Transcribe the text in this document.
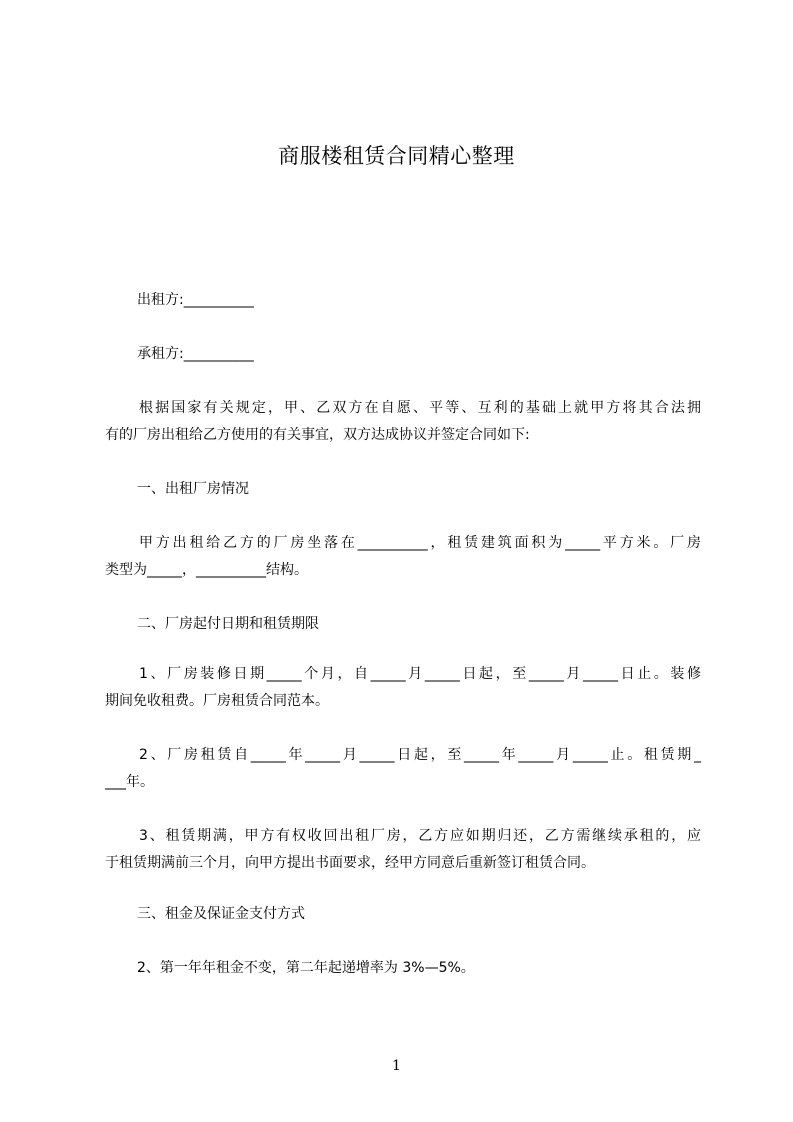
商服楼租赁合同精心整理
出租方:__________
承租方:__________
根据国家有关规定，甲、乙双方在自愿、平等、互利的基础上就甲方将其合法拥
有的厂房出租给乙方使用的有关事宜，双方达成协议并签定合同如下:
一、出租厂房情况
甲方出租给乙方的厂房坐落在__________，租赁建筑面积为_____平方米。厂房
类型为_____，__________结构。
二、厂房起付日期和租赁期限
1、厂房装修日期_____个月，自_____月_____日起，至_____月_____日止。装修
期间免收租费。厂房租赁合同范本。
2、厂房租赁自_____年_____月_____日起，至_____年_____月_____止。租赁期_
___年。
3、租赁期满，甲方有权收回出租厂房，乙方应如期归还，乙方需继续承租的，应
于租赁期满前三个月，向甲方提出书面要求，经甲方同意后重新签订租赁合同。
三、租金及保证金支付方式
2、第一年年租金不变，第二年起递增率为 3%—5%。
1
